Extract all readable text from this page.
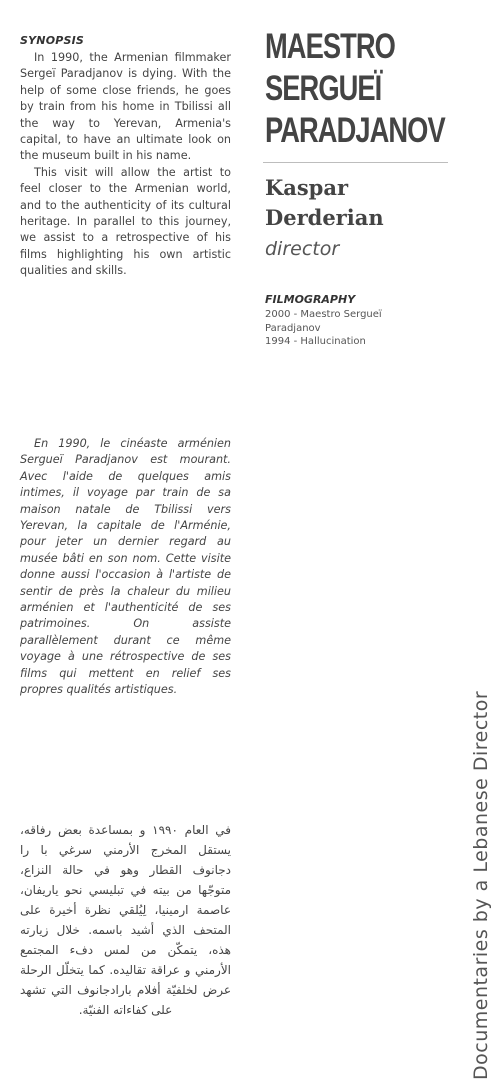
SYNOPSIS

In 1990, the Armenian filmmaker Sergeï Paradjanov is dying. With the help of some close friends, he goes by train from his home in Tbilissi all the way to Yerevan, Armenia's capital, to have an ultimate look on the museum built in his name.

This visit will allow the artist to feel closer to the Armenian world, and to the authenticity of its cultural heritage. In parallel to this journey, we assist to a retrospective of his films highlighting his own artistic qualities and skills.

En 1990, le cinéaste arménien Sergueï Paradjanov est mourant. Avec l'aide de quelques amis intimes, il voyage par train de sa maison natale de Tbilissi vers Yerevan, la capitale de l'Arménie, pour jeter un dernier regard au musée bâti en son nom. Cette visite donne aussi l'occasion à l'artiste de sentir de près la chaleur du milieu arménien et l'authenticité de ses patrimoines. On assiste parallèlement durant ce même voyage à une rétrospective de ses films qui mettent en relief ses propres qualités artistiques.

في العام ١٩٩٠ و بمساعدة بعض رفاقه، يستقل المخرج الأرمني سرغي با را دجانوف القطار وهو في حالة النزاع، متوجّها من بيته في تبليسي نحو ياريفان، عاصمة ارمينيا، لِيُلقي نظرة أخيرة على المتحف الذي أشيد باسمه. خلال زيارته هذه، يتمكّن من لمس دفء المجتمع الأرمني و عراقة تقاليده. كما يتخلّل الرحلة عرض لخلفيّة أفلام بارادجانوف التي تشهد على كفاءاته الفنيّة.

MAESTRO
SERGUEÏ
PARADJANOV
Kaspar
Derderian
director
FILMOGRAPHY
2000 - Maestro Sergueï
Paradjanov
1994 - Hallucination
Documentaries by a Lebanese Director
